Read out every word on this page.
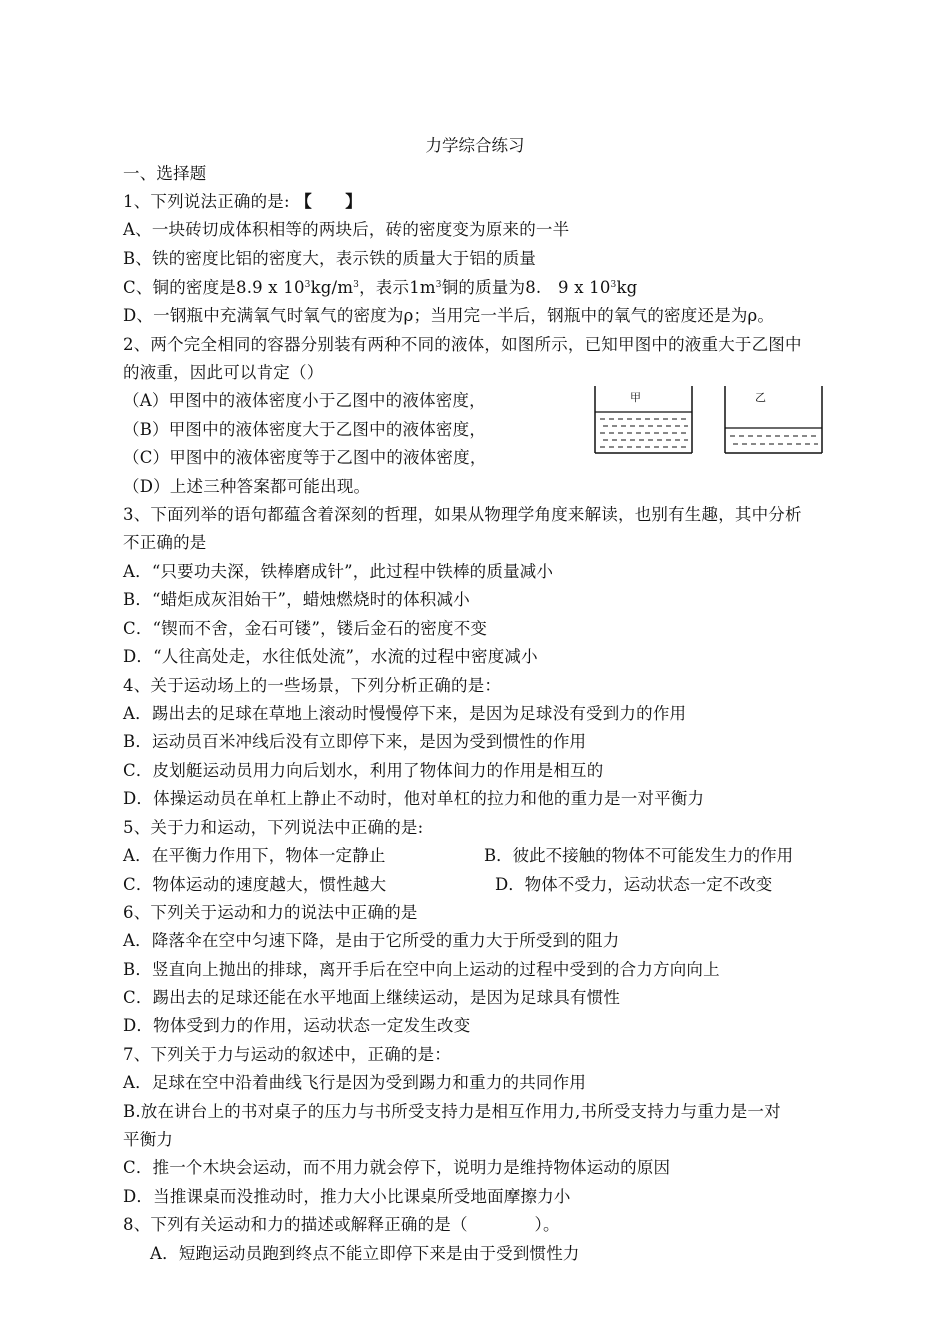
力学综合练习
一、选择题
1、下列说法正确的是: 【　　】
A、一块砖切成体积相等的两块后，砖的密度变为原来的一半
B、铁的密度比铝的密度大，表示铁的质量大于铝的质量
C、铜的密度是8.9 x $10^3kg/m^3$，表示$1m^3$铜的质量为8.　9 x $10^3kg$
D、一钢瓶中充满氧气时氧气的密度为ρ；当用完一半后，钢瓶中的氧气的密度还是为ρ。
2、两个完全相同的容器分别装有两种不同的液体，如图所示，已知甲图中的液重大于乙图中
的液重，因此可以肯定（）
（A）甲图中的液体密度小于乙图中的液体密度，
（B）甲图中的液体密度大于乙图中的液体密度，
（C）甲图中的液体密度等于乙图中的液体密度，
（D）上述三种答案都可能出现。
甲	乙
3、下面列举的语句都蕴含着深刻的哲理，如果从物理学角度来解读，也别有生趣，其中分析
不正确的是
A．“只要功夫深，铁棒磨成针”，此过程中铁棒的质量减小
B．“蜡炬成灰泪始干”，蜡烛燃烧时的体积减小
C．“锲而不舍，金石可镂”，镂后金石的密度不变
D．“人往高处走，水往低处流”，水流的过程中密度减小
4、关于运动场上的一些场景，下列分析正确的是：
A．踢出去的足球在草地上滚动时慢慢停下来，是因为足球没有受到力的作用
B．运动员百米冲线后没有立即停下来，是因为受到惯性的作用
C．皮划艇运动员用力向后划水，利用了物体间力的作用是相互的
D．体操运动员在单杠上静止不动时，他对单杠的拉力和他的重力是一对平衡力
5、关于力和运动，下列说法中正确的是:
A．在平衡力作用下，物体一定静止	B．彼此不接触的物体不可能发生力的作用
C．物体运动的速度越大，惯性越大	D．物体不受力，运动状态一定不改变
6、下列关于运动和力的说法中正确的是
A．降落伞在空中匀速下降，是由于它所受的重力大于所受到的阻力
B．竖直向上抛出的排球，离开手后在空中向上运动的过程中受到的合力方向向上
C．踢出去的足球还能在水平地面上继续运动，是因为足球具有惯性
D．物体受到力的作用，运动状态一定发生改变
7、下列关于力与运动的叙述中，正确的是：
A．足球在空中沿着曲线飞行是因为受到踢力和重力的共同作用
B.放在讲台上的书对桌子的压力与书所受支持力是相互作用力,书所受支持力与重力是一对
平衡力
C．推一个木块会运动，而不用力就会停下，说明力是维持物体运动的原因
D．当推课桌而没推动时，推力大小比课桌所受地面摩擦力小
8、下列有关运动和力的描述或解释正确的是（　　　　）。
A．短跑运动员跑到终点不能立即停下来是由于受到惯性力
